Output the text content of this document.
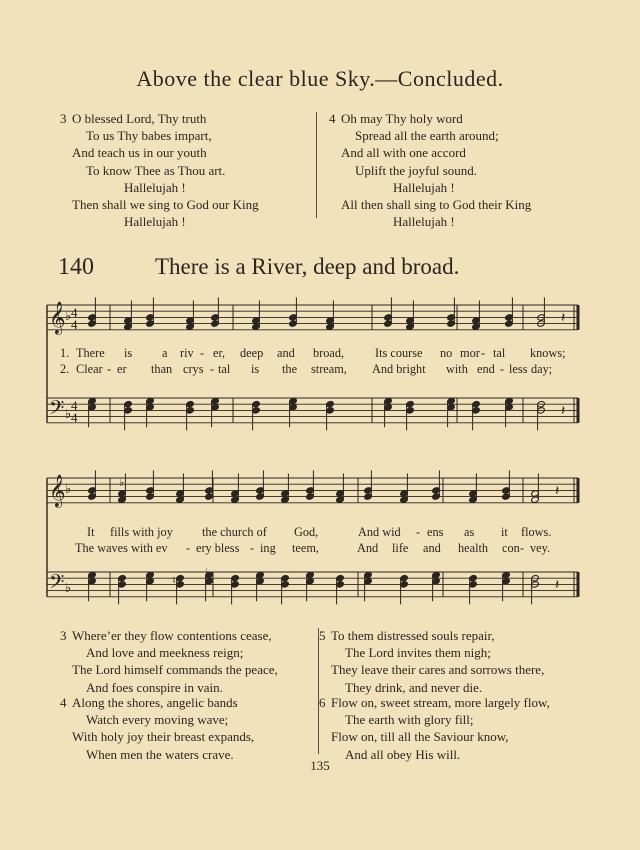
Above the clear blue Sky.—Concluded.
3 O blessed Lord, Thy truth
To us Thy babes impart,
And teach us in our youth
To know Thee as Thou art.
Hallelujah !
Then shall we sing to God our King
Hallelujah !
4 Oh may Thy holy word
Spread all the earth around;
And all with one accord
Uplift the joyful sound.
Hallelujah !
All then shall sing to God their King
Hallelujah !
140	There is a River, deep and broad.
𝄞
𝄢
♭
♭
4
4
4
4
𝄽
𝄽
𝄞
𝄢
♭
♭
𝄽
𝄽
♭
♭
♮
1. There is a riv - er, deep and broad,	Its course no mor - tal knows;
2. Clear - er than crys - tal is the stream, And bright with end - less day;
It fills with joy the church of God,	And wid - ens as it flows.
The waves with ev - ery bless - ing teem,	And life and health con - vey.
3 Where’er they flow contentions cease,
And love and meekness reign;
The Lord himself commands the peace,
And foes conspire in vain.
4 Along the shores, angelic bands
Watch every moving wave;
With holy joy their breast expands,
When men the waters crave.
5 To them distressed souls repair,
The Lord invites them nigh;
They leave their cares and sorrows there,
They drink, and never die.
6 Flow on, sweet stream, more largely flow,
The earth with glory fill;
Flow on, till all the Saviour know,
And all obey His will.
135
